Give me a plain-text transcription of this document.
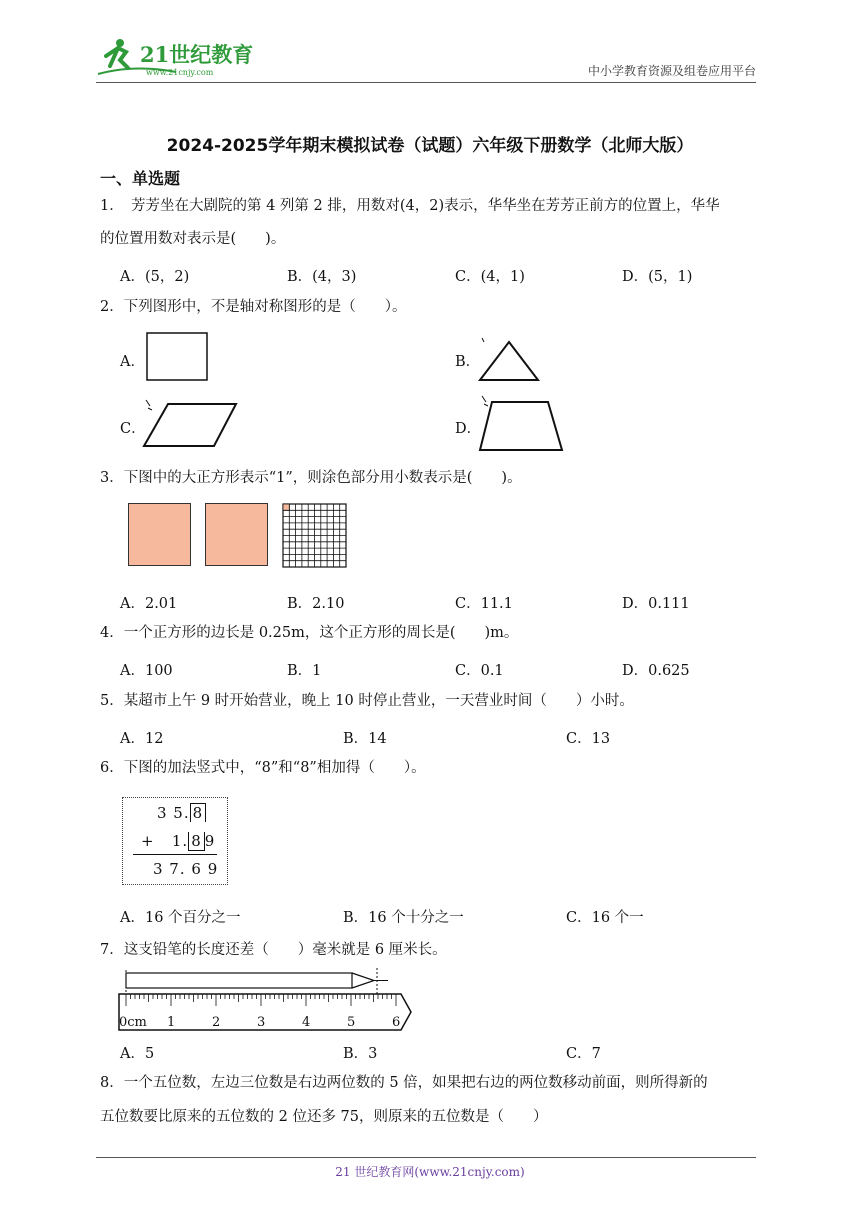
21世纪教育
www.21cnjy.com	中小学教育资源及组卷应用平台
2024-2025学年期末模拟试卷（试题）六年级下册数学（北师大版）
一、单选题
1．　芳芳坐在大剧院的第 4 列第 2 排，用数对(4，2)表示，华华坐在芳芳正前方的位置上，华华
的位置用数对表示是(　　)。
A．(5，2)	B．(4，3)	C．(4，1)	D．(5，1)
2．下列图形中，不是轴对称图形的是（　　）。
A．	B．
C．	D．
3．下图中的大正方形表示“1”，则涂色部分用小数表示是(　　)。
A．2.01	B．2.10	C．11.1	D．0.111
4．一个正方形的边长是 0.25m，这个正方形的周长是(　　)m。
A．100	B．1	C．0.1	D．0.625
5．某超市上午 9 时开始营业，晚上 10 时停止营业，一天营业时间（　　）小时。
A．12	B．14	C．13
6．下图的加法竖式中，“8”和“8”相加得（　　）。
3 5. 8
+   1. 8 9
3 7. 6 9
A．16 个百分之一	B．16 个十分之一	C．16 个一
7．这支铅笔的长度还差（　　）毫米就是 6 厘米长。
0cm 1	2	3	4	5	6
A．5	B．3	C．7
8．一个五位数，左边三位数是右边两位数的 5 倍，如果把右边的两位数移动前面，则所得新的
五位数要比原来的五位数的 2 位还多 75，则原来的五位数是（　　）
21 世纪教育网(www.21cnjy.com)
